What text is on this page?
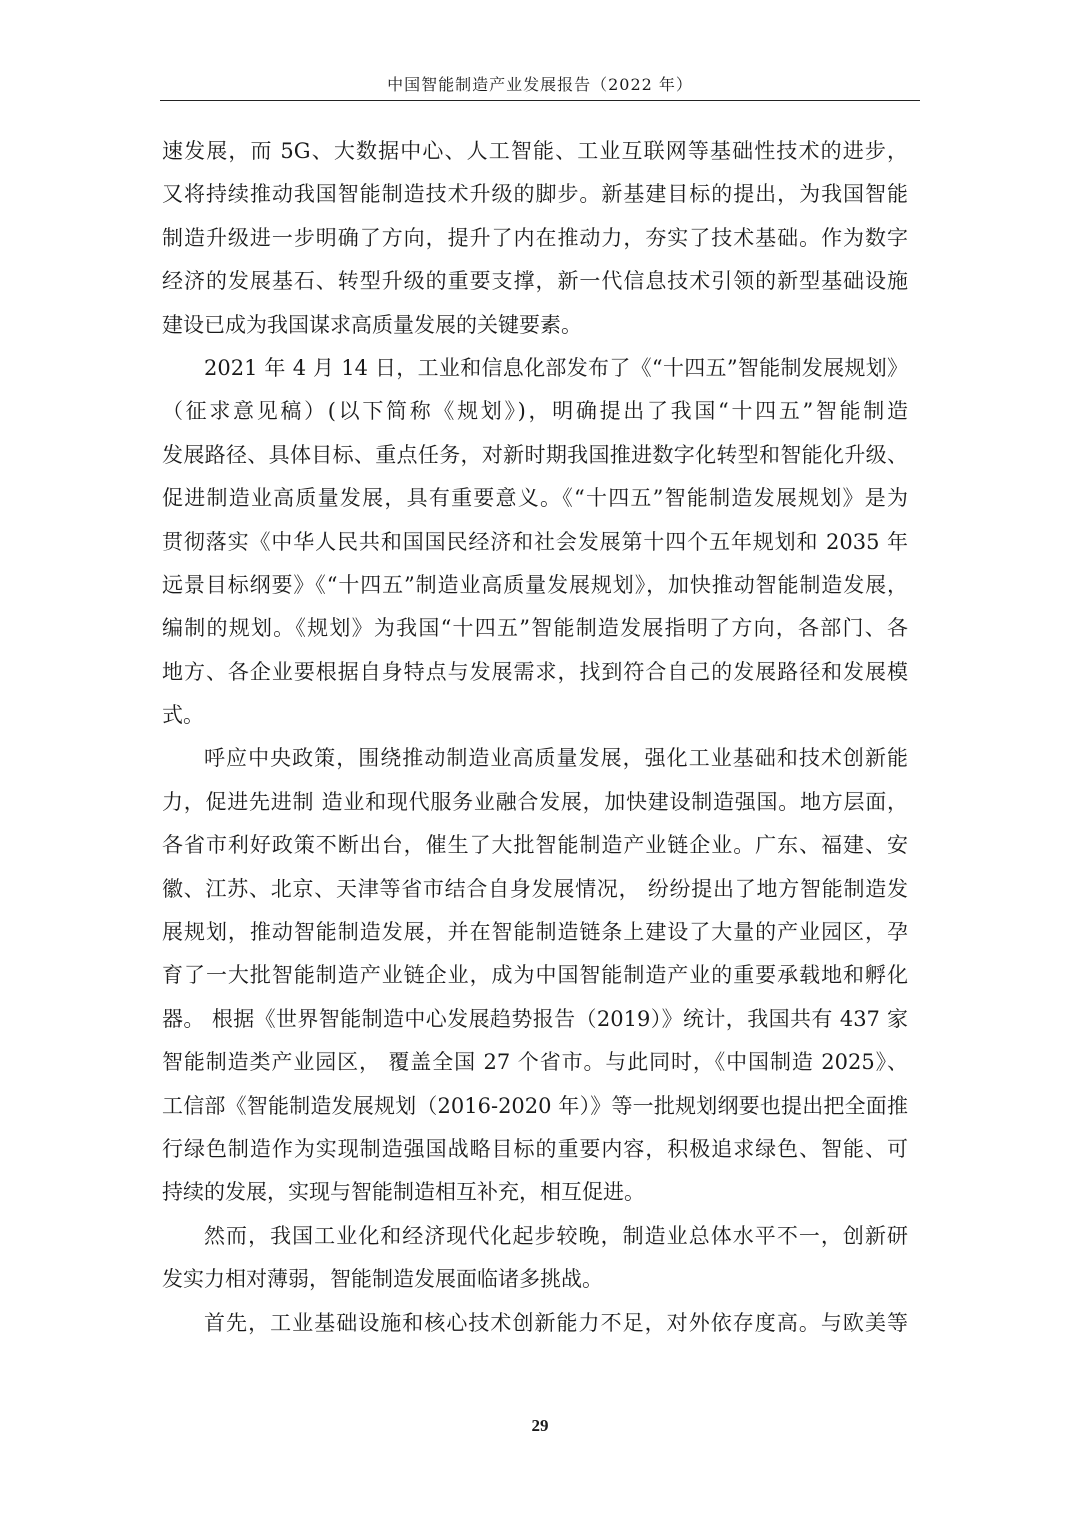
中国智能制造产业发展报告（2022 年）
速发展，而 5G、大数据中心、人工智能、工业互联网等基础性技术的进步，
又将持续推动我国智能制造技术升级的脚步。新基建目标的提出，为我国智能
制造升级进一步明确了方向，提升了内在推动力，夯实了技术基础。作为数字
经济的发展基石、转型升级的重要支撑，新一代信息技术引领的新型基础设施
建设已成为我国谋求高质量发展的关键要素。
2021 年 4 月 14 日，工业和信息化部发布了《“十四五”智能制发展规划》
（征求意见稿）(以下简称《规划》)，明确提出了我国“十四五”智能制造
发展路径、具体目标、重点任务，对新时期我国推进数字化转型和智能化升级、
促进制造业高质量发展，具有重要意义。《“十四五”智能制造发展规划》是为
贯彻落实《中华人民共和国国民经济和社会发展第十四个五年规划和 2035 年
远景目标纲要》《“十四五”制造业高质量发展规划》，加快推动智能制造发展，
编制的规划。《规划》为我国“十四五”智能制造发展指明了方向，各部门、各
地方、各企业要根据自身特点与发展需求，找到符合自己的发展路径和发展模
式。
呼应中央政策，围绕推动制造业高质量发展，强化工业基础和技术创新能
力，促进先进制 造业和现代服务业融合发展，加快建设制造强国。地方层面，
各省市利好政策不断出台，催生了大批智能制造产业链企业。广东、福建、安
徽、江苏、北京、天津等省市结合自身发展情况， 纷纷提出了地方智能制造发
展规划，推动智能制造发展，并在智能制造链条上建设了大量的产业园区，孕
育了一大批智能制造产业链企业，成为中国智能制造产业的重要承载地和孵化
器。 根据《世界智能制造中心发展趋势报告（2019）》统计，我国共有 437 家
智能制造类产业园区， 覆盖全国 27 个省市。与此同时，《中国制造 2025》、
工信部《智能制造发展规划（2016-2020 年）》等一批规划纲要也提出把全面推
行绿色制造作为实现制造强国战略目标的重要内容，积极追求绿色、智能、可
持续的发展，实现与智能制造相互补充，相互促进。
然而，我国工业化和经济现代化起步较晚，制造业总体水平不一，创新研
发实力相对薄弱，智能制造发展面临诸多挑战。
首先，工业基础设施和核心技术创新能力不足，对外依存度高。与欧美等
29
